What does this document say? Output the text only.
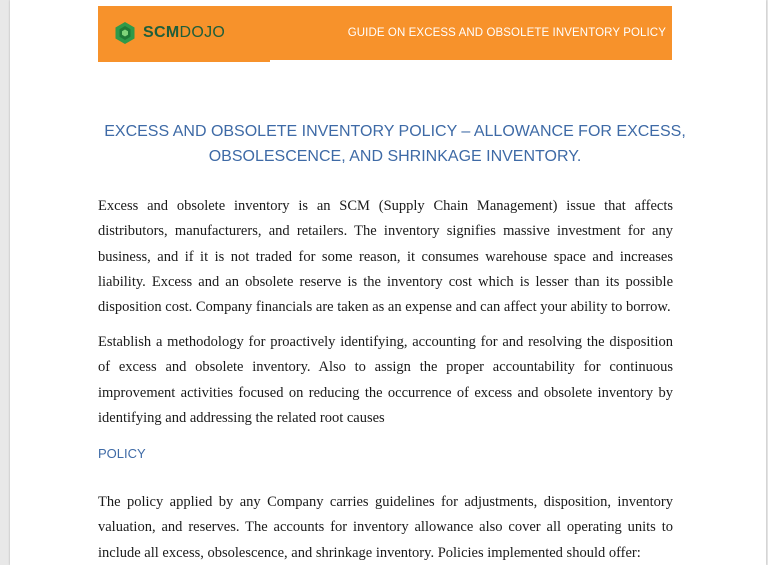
SCMDOJO	GUIDE ON EXCESS AND OBSOLETE INVENTORY POLICY
EXCESS AND OBSOLETE INVENTORY POLICY – ALLOWANCE FOR EXCESS,
OBSOLESCENCE, AND SHRINKAGE INVENTORY.
Excess and obsolete inventory is an SCM (Supply Chain Management) issue that affects
distributors, manufacturers, and retailers. The inventory signifies massive investment for any
business, and if it is not traded for some reason, it consumes warehouse space and increases
liability. Excess and an obsolete reserve is the inventory cost which is lesser than its possible
disposition cost. Company financials are taken as an expense and can affect your ability to borrow.
Establish a methodology for proactively identifying, accounting for and resolving the disposition
of excess and obsolete inventory. Also to assign the proper accountability for continuous
improvement activities focused on reducing the occurrence of excess and obsolete inventory by
identifying and addressing the related root causes
POLICY
The policy applied by any Company carries guidelines for adjustments, disposition, inventory
valuation, and reserves. The accounts for inventory allowance also cover all operating units to
include all excess, obsolescence, and shrinkage inventory. Policies implemented should offer:
